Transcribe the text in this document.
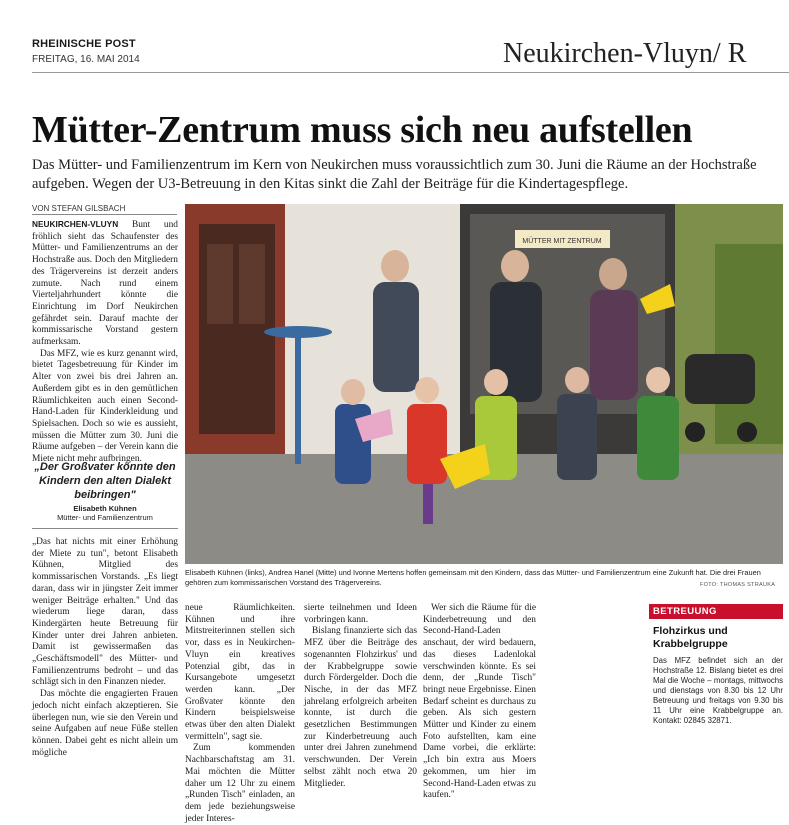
RHEINISCHE POST
FREITAG, 16. MAI 2014	Neukirchen-Vluyn/ R
Mütter-Zentrum muss sich neu aufstellen
Das Mütter- und Familienzentrum im Kern von Neukirchen muss voraussichtlich zum 30. Juni die Räume an der Hochstraße aufgeben. Wegen der U3-Betreuung in den Kitas sinkt die Zahl der Beiträge für die Kindertagespflege.
VON STEFAN GILSBACH

NEUKIRCHEN-VLUYN Bunt und fröhlich sieht das Schaufenster des Mütter- und Familienzentrums an der Hochstraße aus. Doch den Mitgliedern des Trägervereins ist derzeit anders zumute. Nach rund einem Vierteljahrhundert könnte die Einrichtung im Dorf Neukirchen gefährdet sein. Darauf machte der kommissarische Vorstand gestern aufmerksam.

Das MFZ, wie es kurz genannt wird, bietet Tagesbetreuung für Kinder im Alter von zwei bis drei Jahren an. Außerdem gibt es in den gemütlichen Räumlichkeiten auch einen Second-Hand-Laden für Kinderkleidung und Spielsachen. Doch so wie es aussieht, müssen die Mütter zum 30. Juni die Räume aufgeben – der Verein kann die Miete nicht mehr aufbringen.

„Der Großvater könnte den Kindern den alten Dialekt beibringen"
Elisabeth Kühnen
Mütter- und Familienzentrum

„Das hat nichts mit einer Erhöhung der Miete zu tun", betont Elisabeth Kühnen, Mitglied des kommissarischen Vorstands. „Es liegt daran, dass wir in jüngster Zeit immer weniger Beiträge erhalten." Und das wiederum liege daran, dass Kindergärten heute Betreuung für Kinder unter drei Jahren anbieten. Damit ist gewissermaßen das „Geschäftsmodell" des Mütter- und Familienzentrums bedroht – und das schlägt sich in den Finanzen nieder.

Das möchte die engagierten Frauen jedoch nicht einfach akzeptieren. Sie überlegen nun, wie sie den Verein und seine Aufgaben auf neue Füße stellen können. Dabei geht es nicht allein um mögliche

MÜTTER MIT ZENTRUM
Elisabeth Kühnen (links), Andrea Hanel (Mitte) und Ivonne Mertens hoffen gemeinsam mit den Kindern, dass das Mütter- und Familienzentrum eine Zukunft hat. Die drei Frauen gehören zum kommissarischen Vorstand des Trägervereins.	FOTO: THOMAS STRAUKA

neue Räumlichkeiten. Kühnen und ihre Mitstreiterinnen stellen sich vor, dass es in Neukirchen-Vluyn ein kreatives Potenzial gibt, das in Kursangebote umgesetzt werden kann. „Der Großvater könnte den Kindern beispielsweise etwas über den alten Dialekt vermitteln", sagt sie.

Zum kommenden Nachbarschaftstag am 31. Mai möchten die Mütter daher um 12 Uhr zu einem „Runden Tisch" einladen, an dem jede beziehungsweise jeder Interes-

sierte teilnehmen und Ideen vorbringen kann.

Bislang finanzierte sich das MFZ über die Beiträge des sogenannten Flohzirkus' und der Krabbelgruppe sowie durch Fördergelder. Doch die Nische, in der das MFZ jahrelang erfolgreich arbeiten konnte, ist durch die gesetzlichen Bestimmungen zur Kinderbetreuung auch unter drei Jahren zunehmend verschwunden. Der Verein selbst zählt noch etwa 20 Mitglieder.

Wer sich die Räume für die Kinderbetreuung und den Second-Hand-Laden anschaut, der wird bedauern, das dieses Ladenlokal verschwinden könnte. Es sei denn, der „Runde Tisch" bringt neue Ergebnisse. Einen Bedarf scheint es durchaus zu geben. Als sich gestern Mütter und Kinder zu einem Foto aufstellten, kam eine Dame vorbei, die erklärte: „Ich bin extra aus Moers gekommen, um hier im Second-Hand-Laden etwas zu kaufen."

BETREUUNG
Flohzirkus und Krabbelgruppe
Das MFZ befindet sich an der Hochstraße 12. Bislang bietet es drei Mal die Woche – montags, mittwochs und dienstags von 8.30 bis 12 Uhr Betreuung und freitags von 9.30 bis 11 Uhr eine Krabbelgruppe an. Kontakt: 02845 32871.
